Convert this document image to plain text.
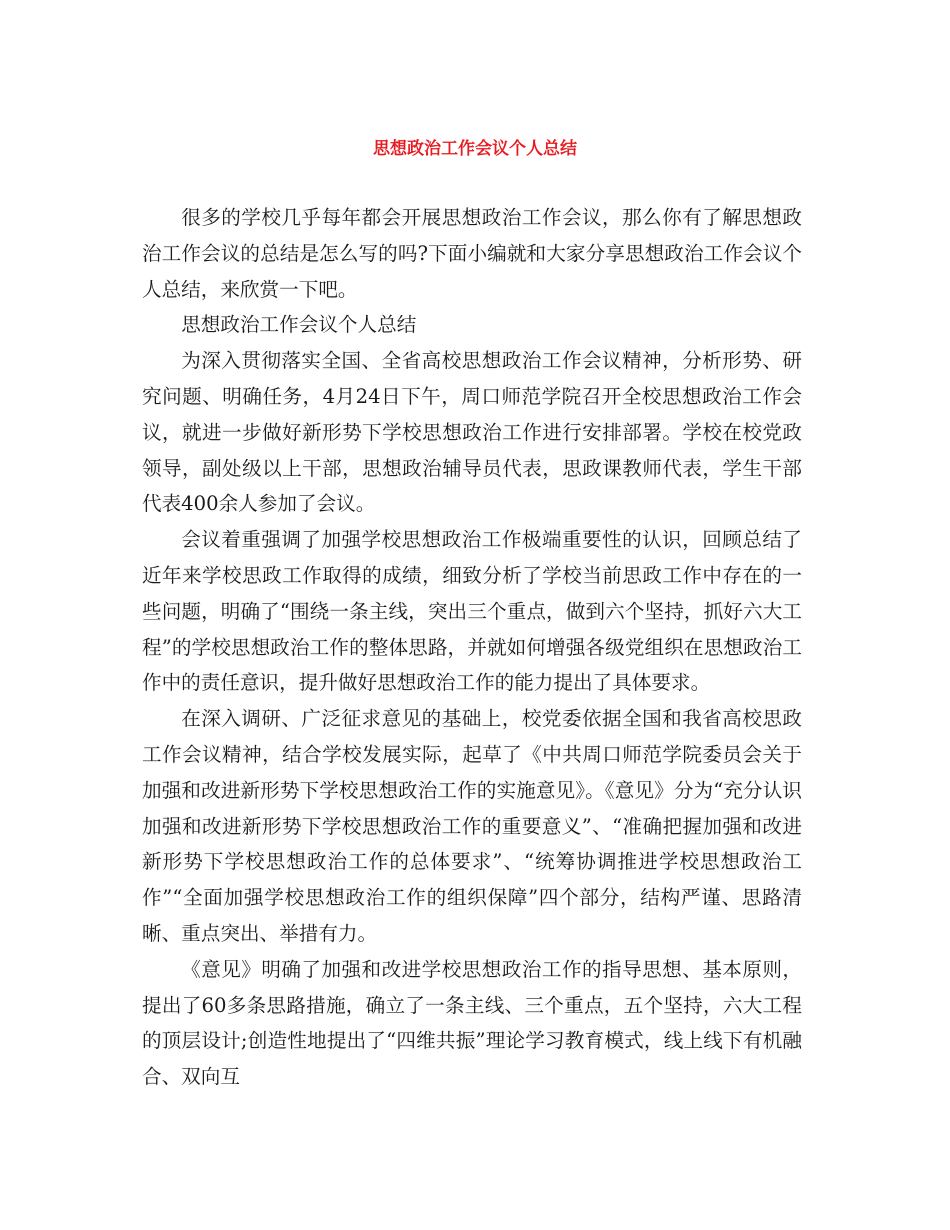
思想政治工作会议个人总结

很多的学校几乎每年都会开展思想政治工作会议，那么你有了解思想政治工作会议的总结是怎么写的吗?下面小编就和大家分享思想政治工作会议个人总结，来欣赏一下吧。

思想政治工作会议个人总结

为深入贯彻落实全国、全省高校思想政治工作会议精神，分析形势、研究问题、明确任务，4月24日下午，周口师范学院召开全校思想政治工作会议，就进一步做好新形势下学校思想政治工作进行安排部署。学校在校党政领导，副处级以上干部，思想政治辅导员代表，思政课教师代表，学生干部代表400余人参加了会议。

会议着重强调了加强学校思想政治工作极端重要性的认识，回顾总结了近年来学校思政工作取得的成绩，细致分析了学校当前思政工作中存在的一些问题，明确了“围绕一条主线，突出三个重点，做到六个坚持，抓好六大工程”的学校思想政治工作的整体思路，并就如何增强各级党组织在思想政治工作中的责任意识，提升做好思想政治工作的能力提出了具体要求。

在深入调研、广泛征求意见的基础上，校党委依据全国和我省高校思政工作会议精神，结合学校发展实际，起草了《中共周口师范学院委员会关于加强和改进新形势下学校思想政治工作的实施意见》。《意见》分为“充分认识加强和改进新形势下学校思想政治工作的重要意义”、“准确把握加强和改进新形势下学校思想政治工作的总体要求”、“统筹协调推进学校思想政治工作”“全面加强学校思想政治工作的组织保障”四个部分，结构严谨、思路清晰、重点突出、举措有力。

《意见》明确了加强和改进学校思想政治工作的指导思想、基本原则，提出了60多条思路措施，确立了一条主线、三个重点，五个坚持，六大工程的顶层设计;创造性地提出了“四维共振”理论学习教育模式，线上线下有机融合、双向互
